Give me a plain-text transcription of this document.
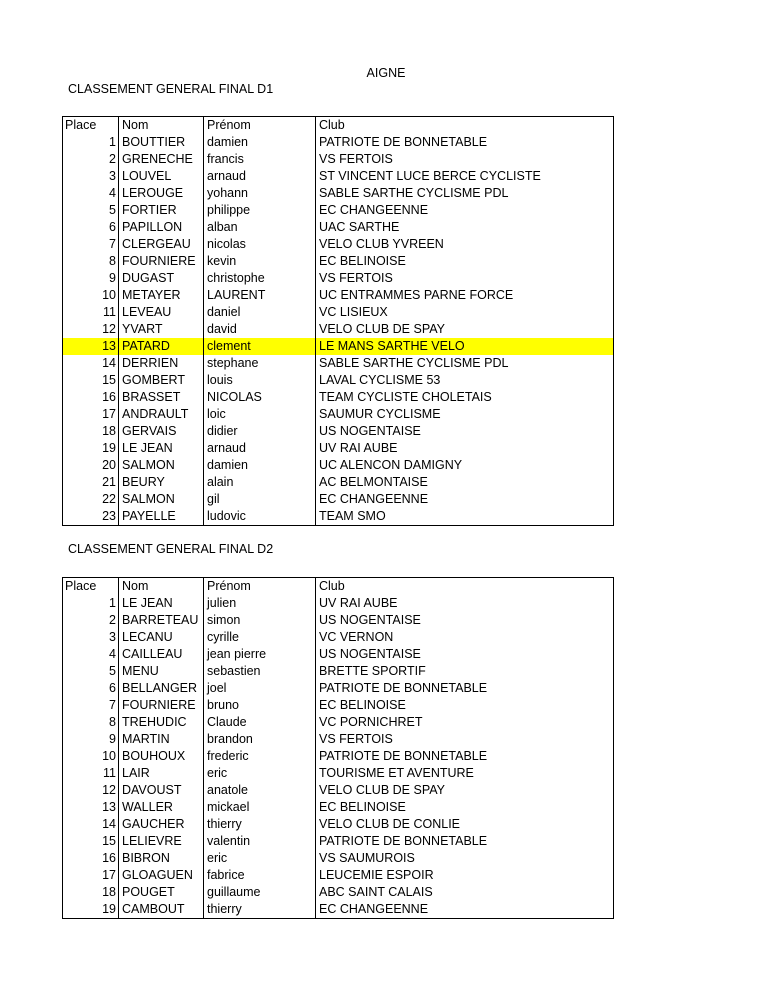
AIGNE
CLASSEMENT GENERAL FINAL D1
Place	Nom	Prénom	Club
1	BOUTTIER	damien	PATRIOTE DE BONNETABLE
2	GRENECHE	francis	VS FERTOIS
3	LOUVEL	arnaud	ST VINCENT LUCE BERCE CYCLISTE
4	LEROUGE	yohann	SABLE SARTHE CYCLISME PDL
5	FORTIER	philippe	EC CHANGEENNE
6	PAPILLON	alban	UAC SARTHE
7	CLERGEAU	nicolas	VELO CLUB YVREEN
8	FOURNIERE	kevin	EC BELINOISE
9	DUGAST	christophe	VS FERTOIS
10	METAYER	LAURENT	UC ENTRAMMES PARNE FORCE
11	LEVEAU	daniel	VC LISIEUX
12	YVART	david	VELO CLUB DE SPAY
13	PATARD	clement	LE MANS SARTHE VELO
14	DERRIEN	stephane	SABLE SARTHE CYCLISME PDL
15	GOMBERT	louis	LAVAL CYCLISME 53
16	BRASSET	NICOLAS	TEAM CYCLISTE CHOLETAIS
17	ANDRAULT	loic	SAUMUR CYCLISME
18	GERVAIS	didier	US NOGENTAISE
19	LE JEAN	arnaud	UV RAI AUBE
20	SALMON	damien	UC ALENCON DAMIGNY
21	BEURY	alain	AC BELMONTAISE
22	SALMON	gil	EC CHANGEENNE
23	PAYELLE	ludovic	TEAM SMO
CLASSEMENT GENERAL FINAL D2
Place	Nom	Prénom	Club
1	LE JEAN	julien	UV RAI AUBE
2	BARRETEAU	simon	US NOGENTAISE
3	LECANU	cyrille	VC VERNON
4	CAILLEAU	jean pierre	US NOGENTAISE
5	MENU	sebastien	BRETTE SPORTIF
6	BELLANGER	joel	PATRIOTE DE BONNETABLE
7	FOURNIERE	bruno	EC BELINOISE
8	TREHUDIC	Claude	VC PORNICHRET
9	MARTIN	brandon	VS FERTOIS
10	BOUHOUX	frederic	PATRIOTE DE BONNETABLE
11	LAIR	eric	TOURISME ET AVENTURE
12	DAVOUST	anatole	VELO CLUB DE SPAY
13	WALLER	mickael	EC BELINOISE
14	GAUCHER	thierry	VELO CLUB DE CONLIE
15	LELIEVRE	valentin	PATRIOTE DE BONNETABLE
16	BIBRON	eric	VS SAUMUROIS
17	GLOAGUEN	fabrice	LEUCEMIE ESPOIR
18	POUGET	guillaume	ABC SAINT CALAIS
19	CAMBOUT	thierry	EC CHANGEENNE
